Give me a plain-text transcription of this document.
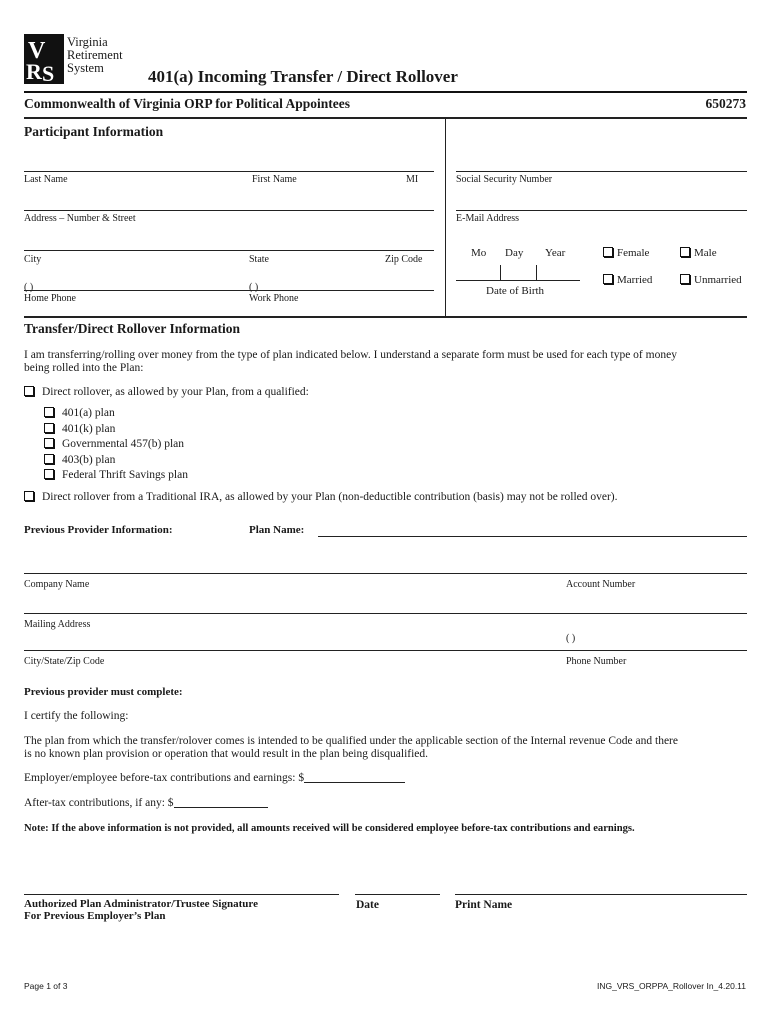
V
R S
Virginia
Retirement
System	401(a) Incoming Transfer / Direct Rollover
Commonwealth of Virginia ORP for Political Appointees	650273
Participant Information
Last Name	First Name	MI	Social Security Number
Address – Number & Street	E-Mail Address
City	State	Zip Code
( )	( )
Home Phone	Work Phone
Mo Day Year
Date of Birth
Female	Male
Married	Unmarried
Transfer/Direct Rollover Information
I am transferring/rolling over money from the type of plan indicated below. I understand a separate form must be used for each type of money
being rolled into the Plan:
Direct rollover, as allowed by your Plan, from a qualified:
401(a) plan
401(k) plan
Governmental 457(b) plan
403(b) plan
Federal Thrift Savings plan
Direct rollover from a Traditional IRA, as allowed by your Plan (non-deductible contribution (basis) may not be rolled over).
Previous Provider Information:	Plan Name:
Company Name	Account Number
Mailing Address
( )
City/State/Zip Code	Phone Number
Previous provider must complete:
I certify the following:
The plan from which the transfer/rolover comes is intended to be qualified under the applicable section of the Internal revenue Code and there
is no known plan provision or operation that would result in the plan being disqualified.
Employer/employee before-tax contributions and earnings: $
After-tax contributions, if any: $
Note: If the above information is not provided, all amounts received will be considered employee before-tax contributions and earnings.
Authorized Plan Administrator/Trustee Signature
For Previous Employer’s Plan
Date	Print Name
Page 1 of 3	ING_VRS_ORPPA_Rollover In_4.20.11
